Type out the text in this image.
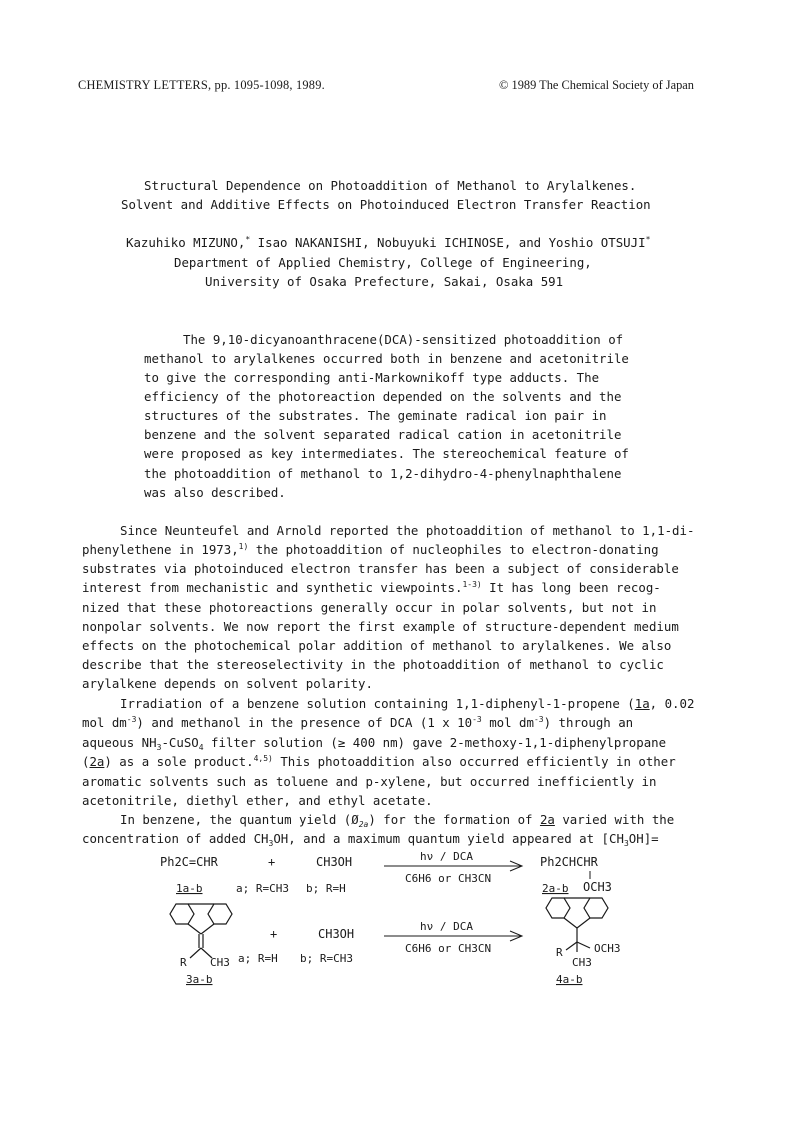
CHEMISTRY LETTERS, pp. 1095-1098, 1989.	© 1989 The Chemical Society of Japan
Structural Dependence on Photoaddition of Methanol to Arylalkenes.
Solvent and Additive Effects on Photoinduced Electron Transfer Reaction
Kazuhiko MIZUNO,* Isao NAKANISHI, Nobuyuki ICHINOSE, and Yoshio OTSUJI*
Department of Applied Chemistry, College of Engineering,
University of Osaka Prefecture, Sakai, Osaka 591
The 9,10-dicyanoanthracene(DCA)-sensitized photoaddition of
methanol to arylalkenes occurred both in benzene and acetonitrile
to give the corresponding anti-Markownikoff type adducts. The
efficiency of the photoreaction depended on the solvents and the
structures of the substrates. The geminate radical ion pair in
benzene and the solvent separated radical cation in acetonitrile
were proposed as key intermediates. The stereochemical feature of
the photoaddition of methanol to 1,2-dihydro-4-phenylnaphthalene
was also described.
Since Neunteufel and Arnold reported the photoaddition of methanol to 1,1-di-
phenylethene in 1973,$^{1)}$ the photoaddition of nucleophiles to electron-donating
substrates via photoinduced electron transfer has been a subject of considerable
interest from mechanistic and synthetic viewpoints.$^{1-3)}$ It has long been recog-
nized that these photoreactions generally occur in polar solvents, but not in
nonpolar solvents. We now report the first example of structure-dependent medium
effects on the photochemical polar addition of methanol to arylalkenes. We also
describe that the stereoselectivity in the photoaddition of methanol to cyclic
arylalkene depends on solvent polarity.
Irradiation of a benzene solution containing 1,1-diphenyl-1-propene (1a, 0.02
mol $dm^{-3}$) and methanol in the presence of DCA (1 x $10^{-3}$ mol $dm^{-3}$) through an
aqueous $NH_3-CuSO_4$ filter solution (≥ 400 nm) gave 2-methoxy-1,1-diphenylpropane
(2a) as a sole product.$^{4,5)}$ This photoaddition also occurred efficiently in other
aromatic solvents such as toluene and p-xylene, but occurred inefficiently in
acetonitrile, diethyl ether, and ethyl acetate.
In benzene, the quantum yield $(Ø_{2a})$ for the formation of 2a varied with the
concentration of added $CH_3OH$, and a maximum quantum yield appeared at $[CH_3OH]=$
Ph2C=CHR	+	CH3OH	hν / DCA
C6H6 or CH3CN
Ph2CHCHR
OCH3
1a-b	a; R=CH3 b; R=H	2a-b
R CH3
3a-b
a; R=H b; R=CH3
+	CH3OH
hν / DCA
C6H6 or CH3CN	R	OCH3
CH3
4a-b
